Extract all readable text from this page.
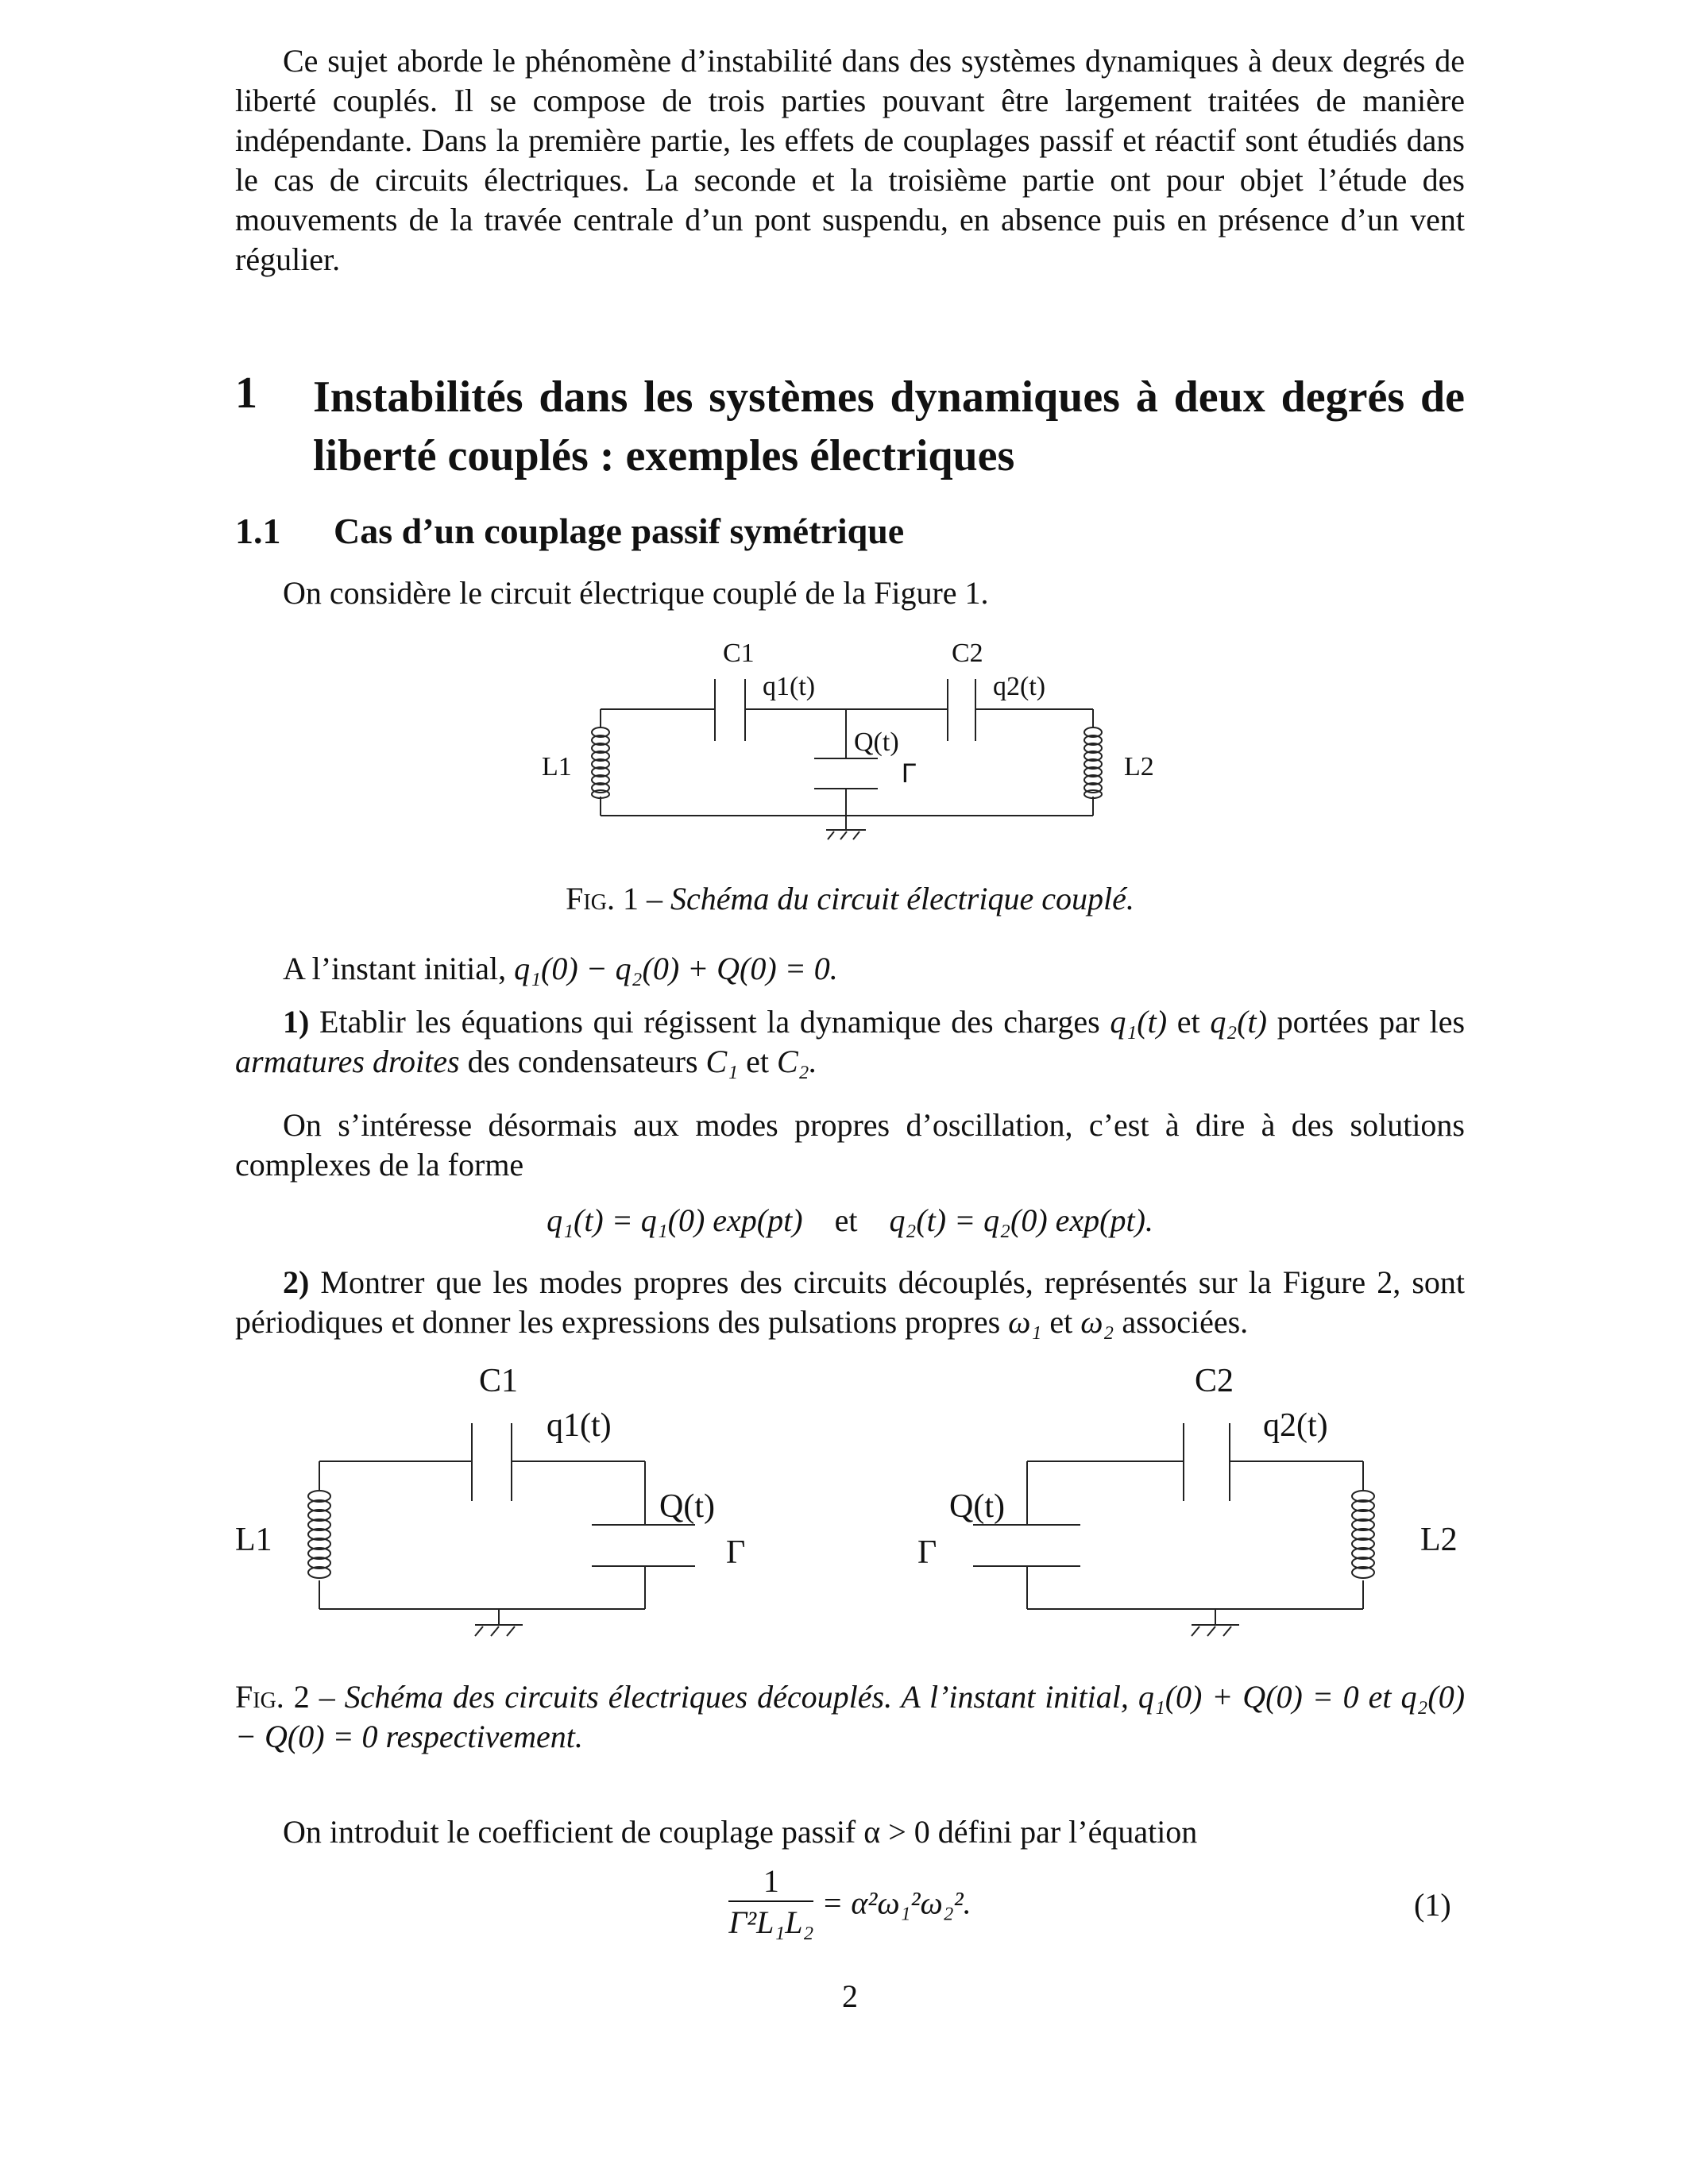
Ce sujet aborde le phénomène d’instabilité dans des systèmes dynamiques à deux degrés de liberté couplés. Il se compose de trois parties pouvant être largement traitées de manière indépendante. Dans la première partie, les effets de couplages passif et réactif sont étudiés dans le cas de circuits électriques. La seconde et la troisième partie ont pour objet l’étude des mouvements de la travée centrale d’un pont suspendu, en absence puis en présence d’un vent régulier.

1 Instabilités dans les systèmes dynamiques à deux degrés de liberté couplés : exemples électriques
1.1 Cas d’un couplage passif symétrique

On considère le circuit électrique couplé de la Figure 1.

C1	C2
q1(t)	q2(t)
Q(t)
Γ
L1	L2
Fig. 1 – Schéma du circuit électrique couplé.

A l’instant initial, q₁(0) − q₂(0) + Q(0) = 0.

1) Etablir les équations qui régissent la dynamique des charges q₁(t) et q₂(t) portées par les armatures droites des condensateurs C₁ et C₂.

On s’intéresse désormais aux modes propres d’oscillation, c’est à dire à des solutions complexes de la forme

q₁(t) = q₁(0) exp(pt) et q₂(t) = q₂(0) exp(pt).

2) Montrer que les modes propres des circuits découplés, représentés sur la Figure 2, sont périodiques et donner les expressions des pulsations propres ω₁ et ω₂ associées.

C1	C2
q1(t)	q2(t)
Q(t)	Q(t)
Γ	Γ
L1	L2

Fig. 2 – Schéma des circuits électriques découplés. A l’instant initial, q₁(0) + Q(0) = 0 et q₂(0) − Q(0) = 0 respectivement.

On introduit le coefficient de couplage passif α > 0 défini par l’équation

$\frac{1}{\text{Γ²L₁L₂}} = \alpha^2\omega_1^2\omega_2^2$.	(1)
2
